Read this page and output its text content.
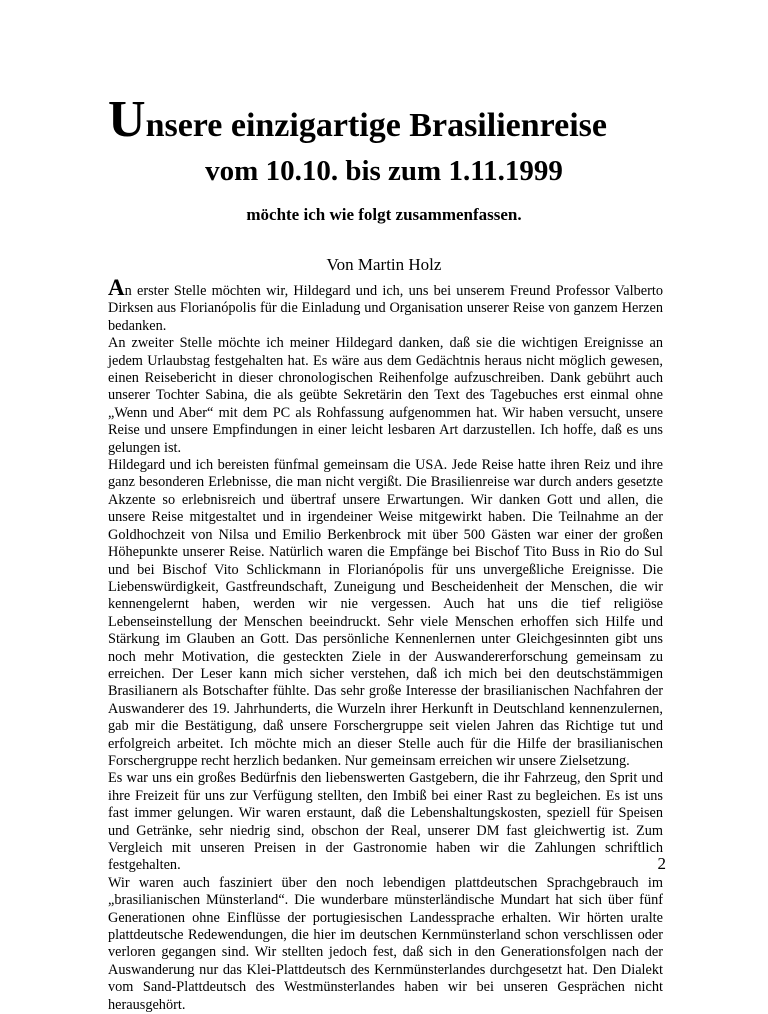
Unsere einzigartige Brasilienreise
vom 10.10. bis zum 1.11.1999
möchte ich wie folgt zusammenfassen.
Von Martin Holz

An erster Stelle möchten wir, Hildegard und ich, uns bei unserem Freund Professor Valberto Dirksen aus Florianópolis für die Einladung und Organisation unserer Reise von ganzem Herzen bedanken.

An zweiter Stelle möchte ich meiner Hildegard danken, daß sie die wichtigen Ereignisse an jedem Urlaubstag festgehalten hat. Es wäre aus dem Gedächtnis heraus nicht möglich gewesen, einen Reisebericht in dieser chronologischen Reihenfolge aufzuschreiben. Dank gebührt auch unserer Tochter Sabina, die als geübte Sekretärin den Text des Tagebuches erst einmal ohne „Wenn und Aber“ mit dem PC als Rohfassung aufgenommen hat. Wir haben versucht, unsere Reise und unsere Empfindungen in einer leicht lesbaren Art darzustellen. Ich hoffe, daß es uns gelungen ist.

Hildegard und ich bereisten fünfmal gemeinsam die USA. Jede Reise hatte ihren Reiz und ihre ganz besonderen Erlebnisse, die man nicht vergißt. Die Brasilienreise war durch anders gesetzte Akzente so erlebnisreich und übertraf unsere Erwartungen. Wir danken Gott und allen, die unsere Reise mitgestaltet und in irgendeiner Weise mitgewirkt haben. Die Teilnahme an der Goldhochzeit von Nilsa und Emilio Berkenbrock mit über 500 Gästen war einer der großen Höhepunkte unserer Reise. Natürlich waren die Empfänge bei Bischof Tito Buss in Rio do Sul und bei Bischof Vito Schlickmann in Florianópolis für uns unvergeßliche Ereignisse. Die Liebenswürdigkeit, Gastfreundschaft, Zuneigung und Bescheidenheit der Menschen, die wir kennengelernt haben, werden wir nie vergessen. Auch hat uns die tief religiöse Lebenseinstellung der Menschen beeindruckt. Sehr viele Menschen erhoffen sich Hilfe und Stärkung im Glauben an Gott. Das persönliche Kennenlernen unter Gleichgesinnten gibt uns noch mehr Motivation, die gesteckten Ziele in der Auswandererforschung gemeinsam zu erreichen. Der Leser kann mich sicher verstehen, daß ich mich bei den deutschstämmigen Brasilianern als Botschafter fühlte. Das sehr große Interesse der brasilianischen Nachfahren der Auswanderer des 19. Jahrhunderts, die Wurzeln ihrer Herkunft in Deutschland kennenzulernen, gab mir die Bestätigung, daß unsere Forschergruppe seit vielen Jahren das Richtige tut und erfolgreich arbeitet. Ich möchte mich an dieser Stelle auch für die Hilfe der brasilianischen Forschergruppe recht herzlich bedanken. Nur gemeinsam erreichen wir unsere Zielsetzung.

Es war uns ein großes Bedürfnis den liebenswerten Gastgebern, die ihr Fahrzeug, den Sprit und ihre Freizeit für uns zur Verfügung stellten, den Imbiß bei einer Rast zu begleichen. Es ist uns fast immer gelungen. Wir waren erstaunt, daß die Lebenshaltungskosten, speziell für Speisen und Getränke, sehr niedrig sind, obschon der Real, unserer DM fast gleichwertig ist. Zum Vergleich mit unseren Preisen in der Gastronomie haben wir die Zahlungen schriftlich festgehalten.

Wir waren auch fasziniert über den noch lebendigen plattdeutschen Sprachgebrauch im „brasilianischen Münsterland“. Die wunderbare münsterländische Mundart hat sich über fünf Generationen ohne Einflüsse der portugiesischen Landessprache erhalten. Wir hörten uralte plattdeutsche Redewendungen, die hier im deutschen Kernmünsterland schon verschlissen oder verloren gegangen sind. Wir stellten jedoch fest, daß sich in den Generationsfolgen nach der Auswanderung nur das Klei-Plattdeutsch des Kernmünsterlandes durchgesetzt hat. Den Dialekt vom Sand-Plattdeutsch des Westmünsterlandes haben wir bei unseren Gesprächen nicht herausgehört.

2
